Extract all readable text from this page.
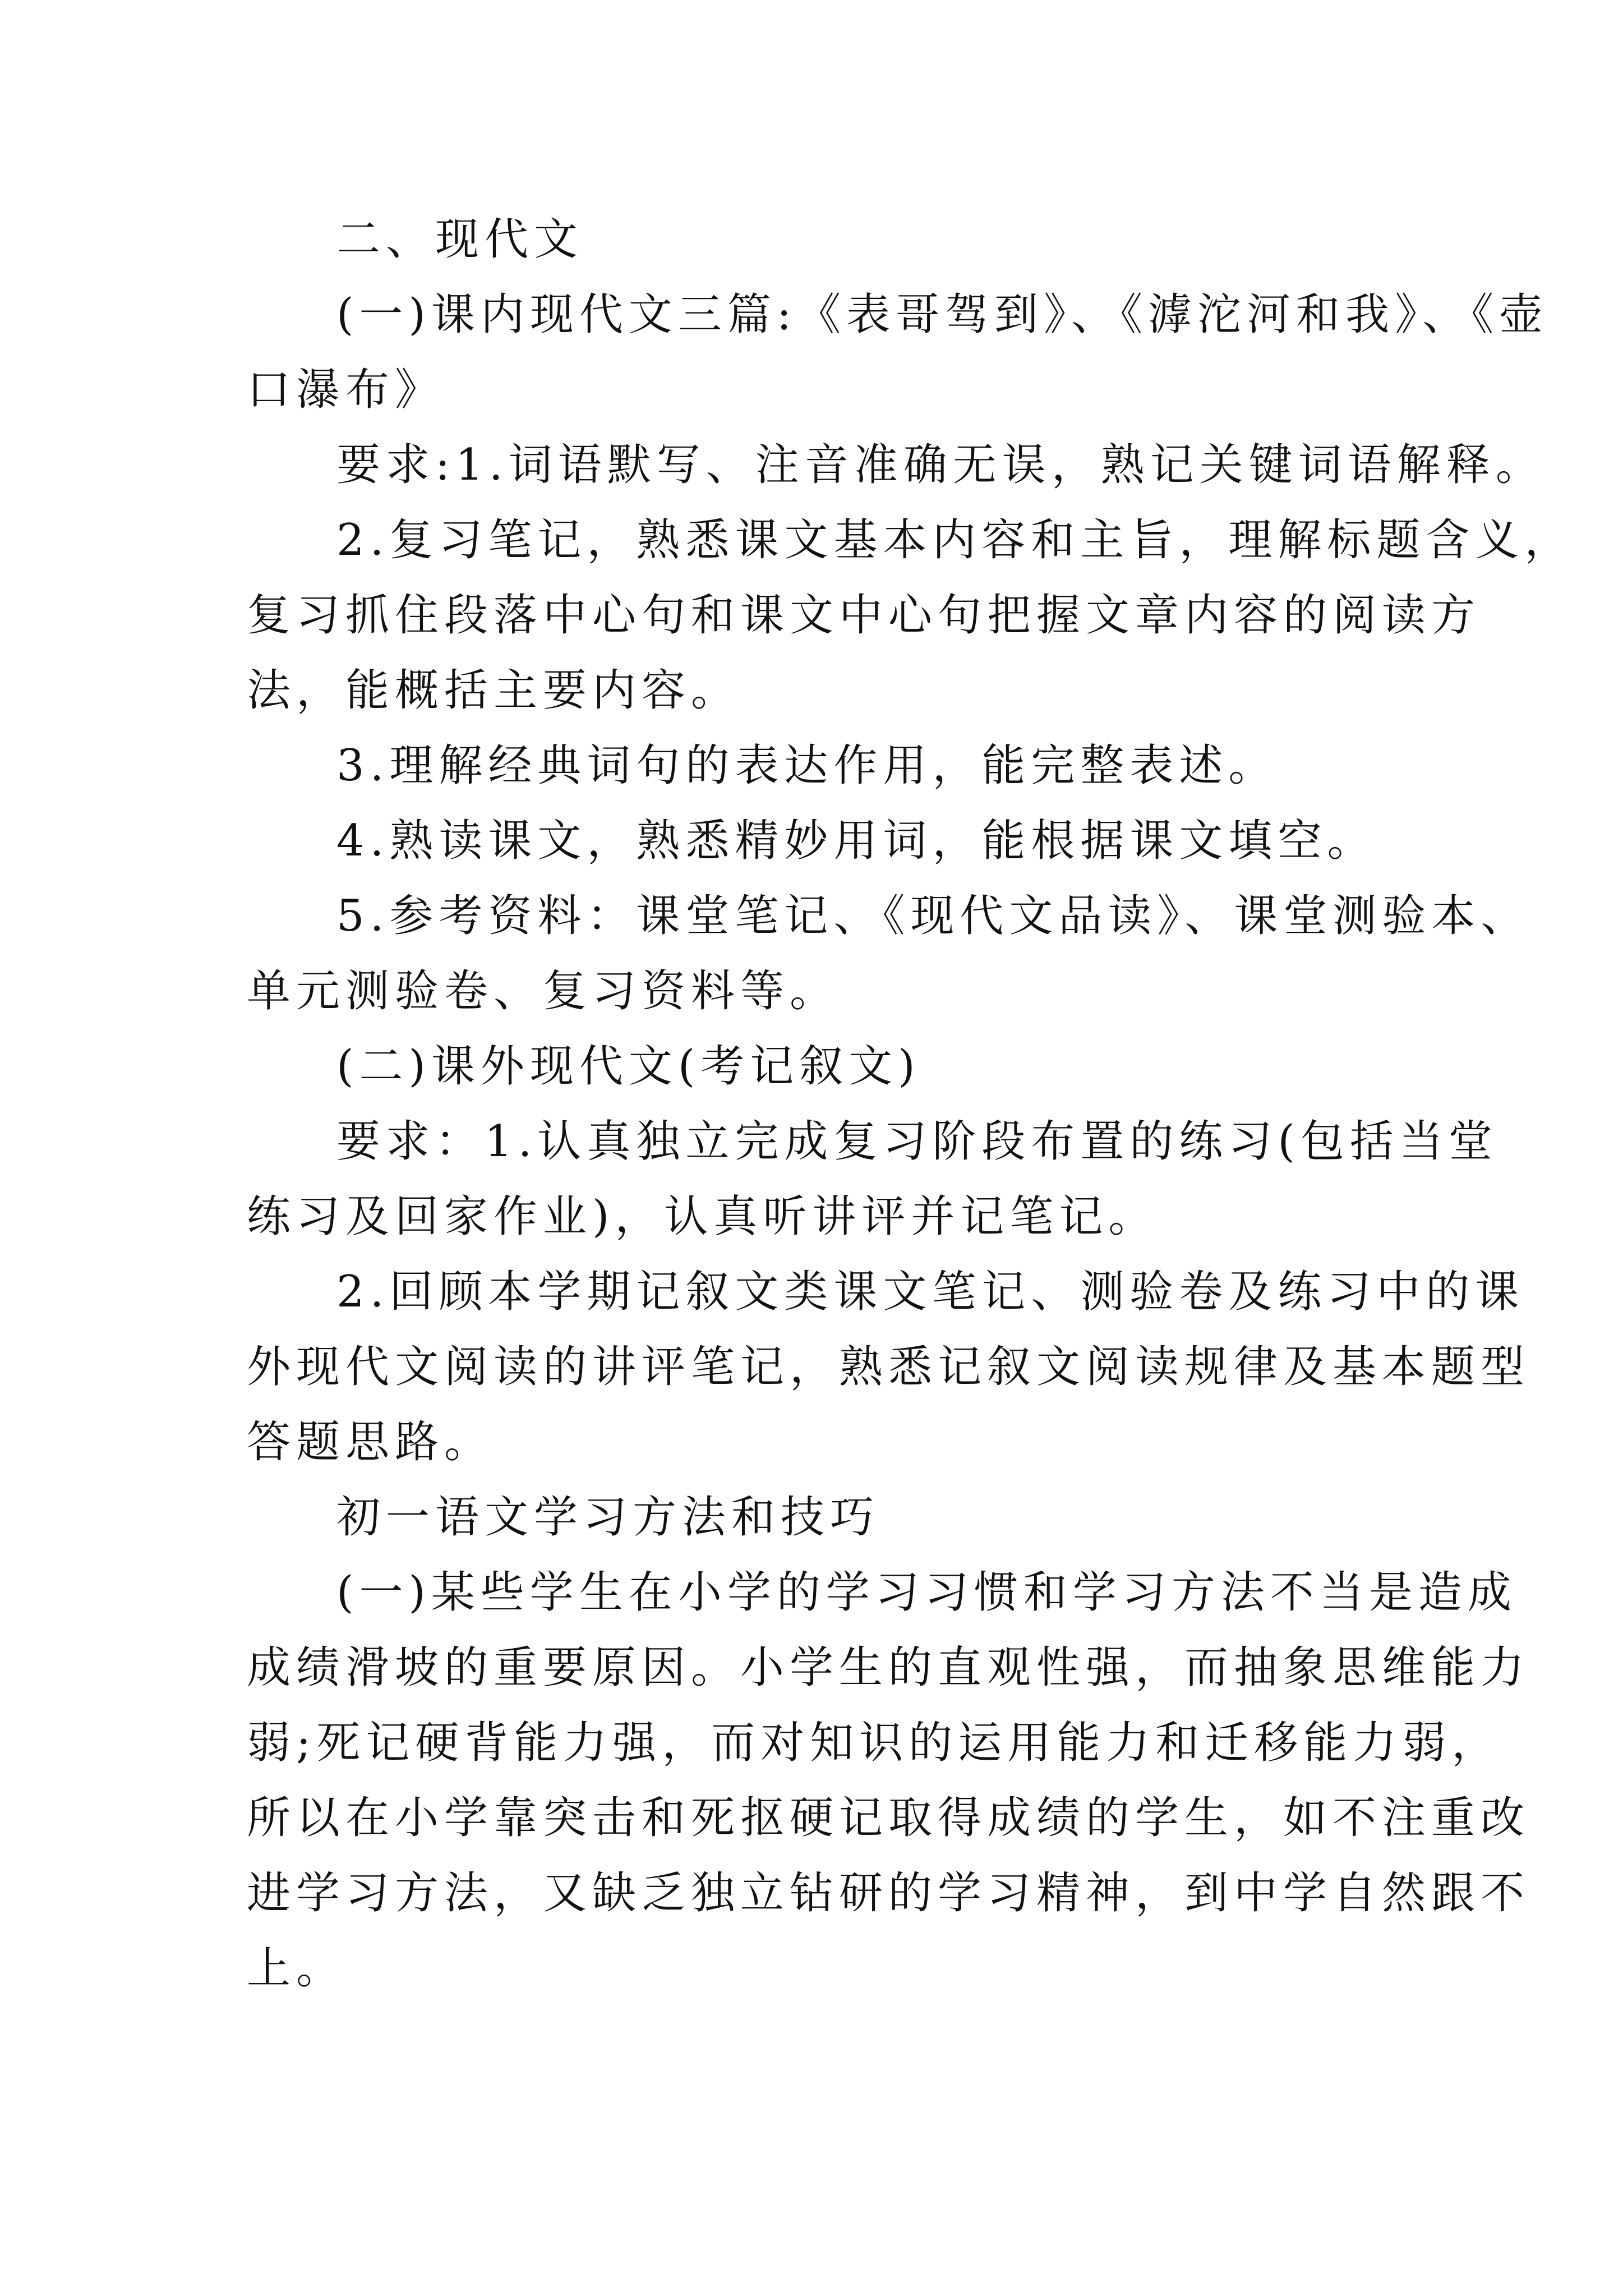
二、现代文
(一)课内现代文三篇:《表哥驾到》、《滹沱河和我》、《壶
口瀑布》
要求:1.词语默写、注音准确无误，熟记关键词语解释。
2.复习笔记，熟悉课文基本内容和主旨，理解标题含义，
复习抓住段落中心句和课文中心句把握文章内容的阅读方
法，能概括主要内容。
3.理解经典词句的表达作用，能完整表述。
4.熟读课文，熟悉精妙用词，能根据课文填空。
5.参考资料：课堂笔记、《现代文品读》、课堂测验本、
单元测验卷、复习资料等。
(二)课外现代文(考记叙文)
要求：1.认真独立完成复习阶段布置的练习(包括当堂
练习及回家作业)，认真听讲评并记笔记。
2.回顾本学期记叙文类课文笔记、测验卷及练习中的课
外现代文阅读的讲评笔记，熟悉记叙文阅读规律及基本题型
答题思路。
初一语文学习方法和技巧
(一)某些学生在小学的学习习惯和学习方法不当是造成
成绩滑坡的重要原因。小学生的直观性强，而抽象思维能力
弱;死记硬背能力强，而对知识的运用能力和迁移能力弱，
所以在小学靠突击和死抠硬记取得成绩的学生，如不注重改
进学习方法，又缺乏独立钻研的学习精神，到中学自然跟不
上。
